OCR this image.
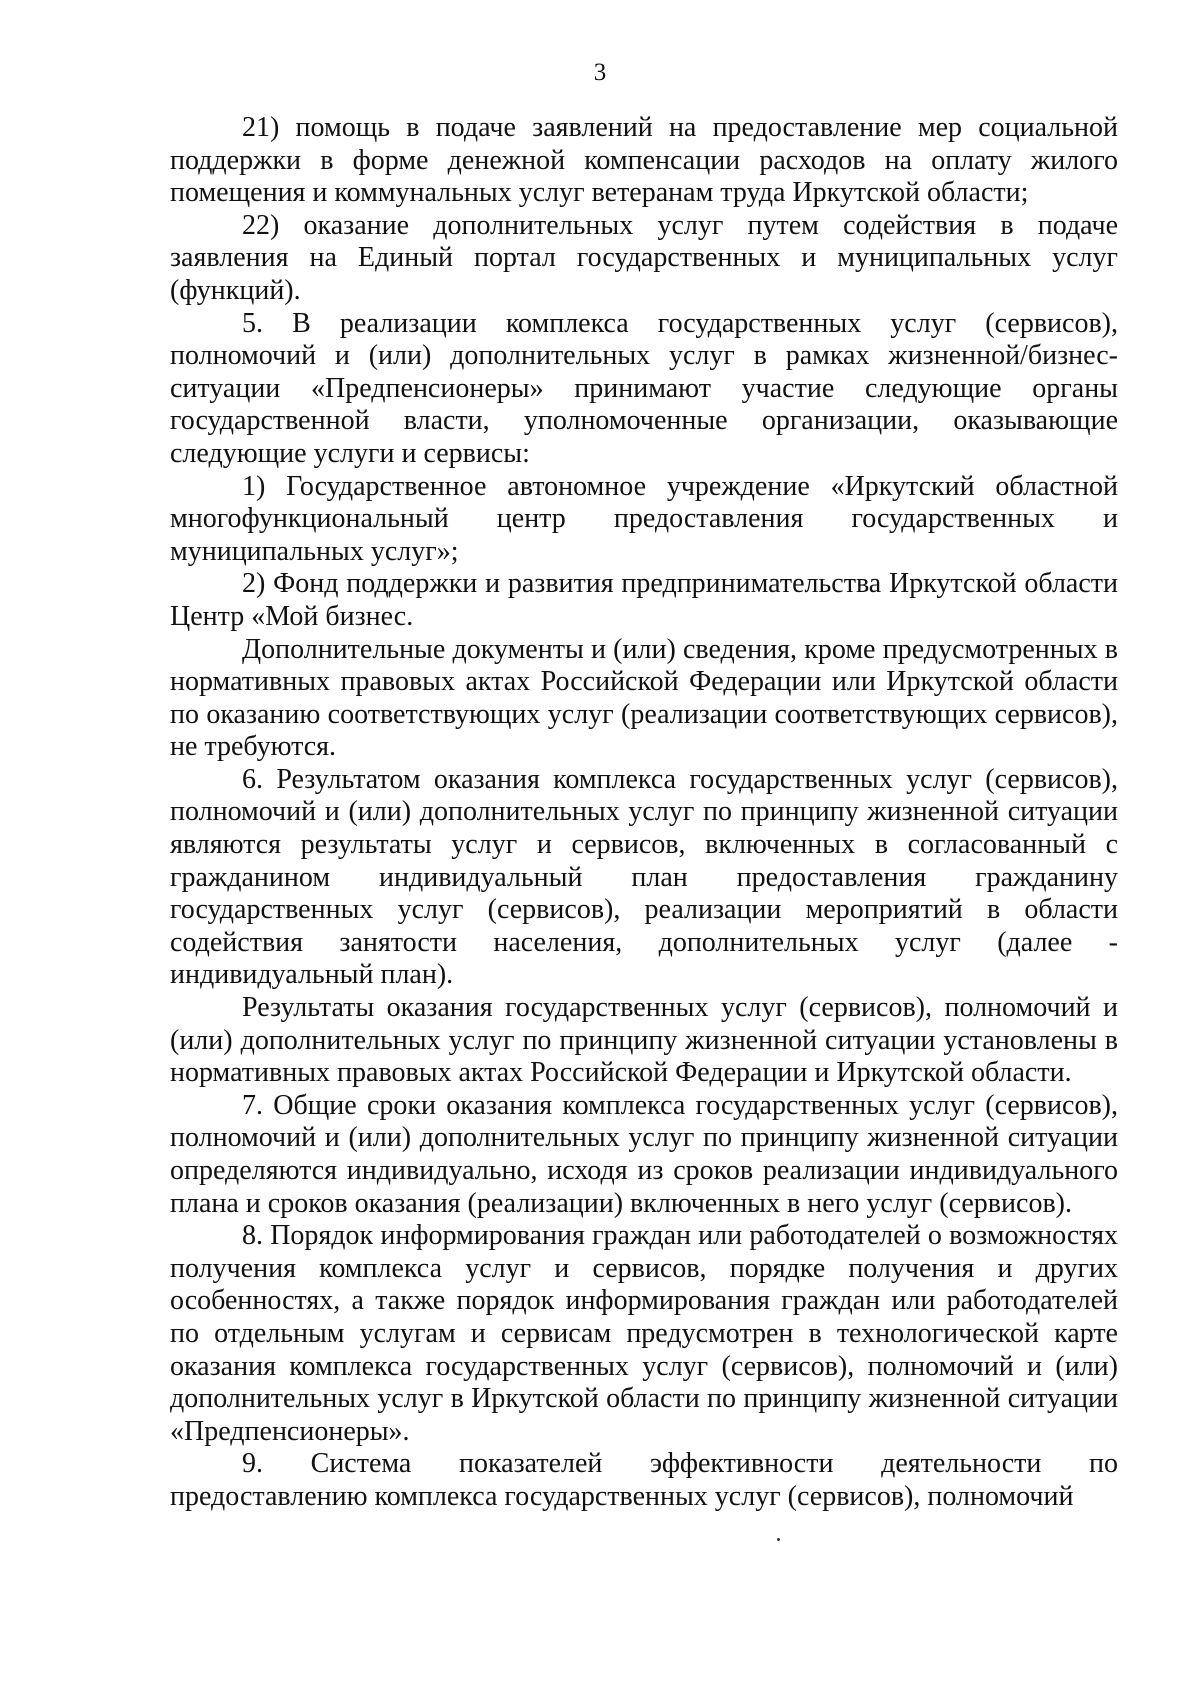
3

21) помощь в подаче заявлений на предоставление мер социальной поддержки в форме денежной компенсации расходов на оплату жилого помещения и коммунальных услуг ветеранам труда Иркутской области;

22) оказание дополнительных услуг путем содействия в подаче заявления на Единый портал государственных и муниципальных услуг (функций).

5. В реализации комплекса государственных услуг (сервисов), полномочий и (или) дополнительных услуг в рамках жизненной/бизнес-ситуации «Предпенсионеры» принимают участие следующие органы государственной власти, уполномоченные организации, оказывающие следующие услуги и сервисы:

1) Государственное автономное учреждение «Иркутский областной многофункциональный центр предоставления государственных и муниципальных услуг»;

2) Фонд поддержки и развития предпринимательства Иркутской области Центр «Мой бизнес.

Дополнительные документы и (или) сведения, кроме предусмотренных в нормативных правовых актах Российской Федерации или Иркутской области по оказанию соответствующих услуг (реализации соответствующих сервисов), не требуются.

6. Результатом оказания комплекса государственных услуг (сервисов), полномочий и (или) дополнительных услуг по принципу жизненной ситуации являются результаты услуг и сервисов, включенных в согласованный с гражданином индивидуальный план предоставления гражданину государственных услуг (сервисов), реализации мероприятий в области содействия занятости населения, дополнительных услуг (далее - индивидуальный план).

Результаты оказания государственных услуг (сервисов), полномочий и (или) дополнительных услуг по принципу жизненной ситуации установлены в нормативных правовых актах Российской Федерации и Иркутской области.

7. Общие сроки оказания комплекса государственных услуг (сервисов), полномочий и (или) дополнительных услуг по принципу жизненной ситуации определяются индивидуально, исходя из сроков реализации индивидуального плана и сроков оказания (реализации) включенных в него услуг (сервисов).

8. Порядок информирования граждан или работодателей о возможностях получения комплекса услуг и сервисов, порядке получения и других особенностях, а также порядок информирования граждан или работодателей по отдельным услугам и сервисам предусмотрен в технологической карте оказания комплекса государственных услуг (сервисов), полномочий и (или) дополнительных услуг в Иркутской области по принципу жизненной ситуации «Предпенсионеры».

9. Система показателей эффективности деятельности по предоставлению комплекса государственных услуг (сервисов), полномочий
